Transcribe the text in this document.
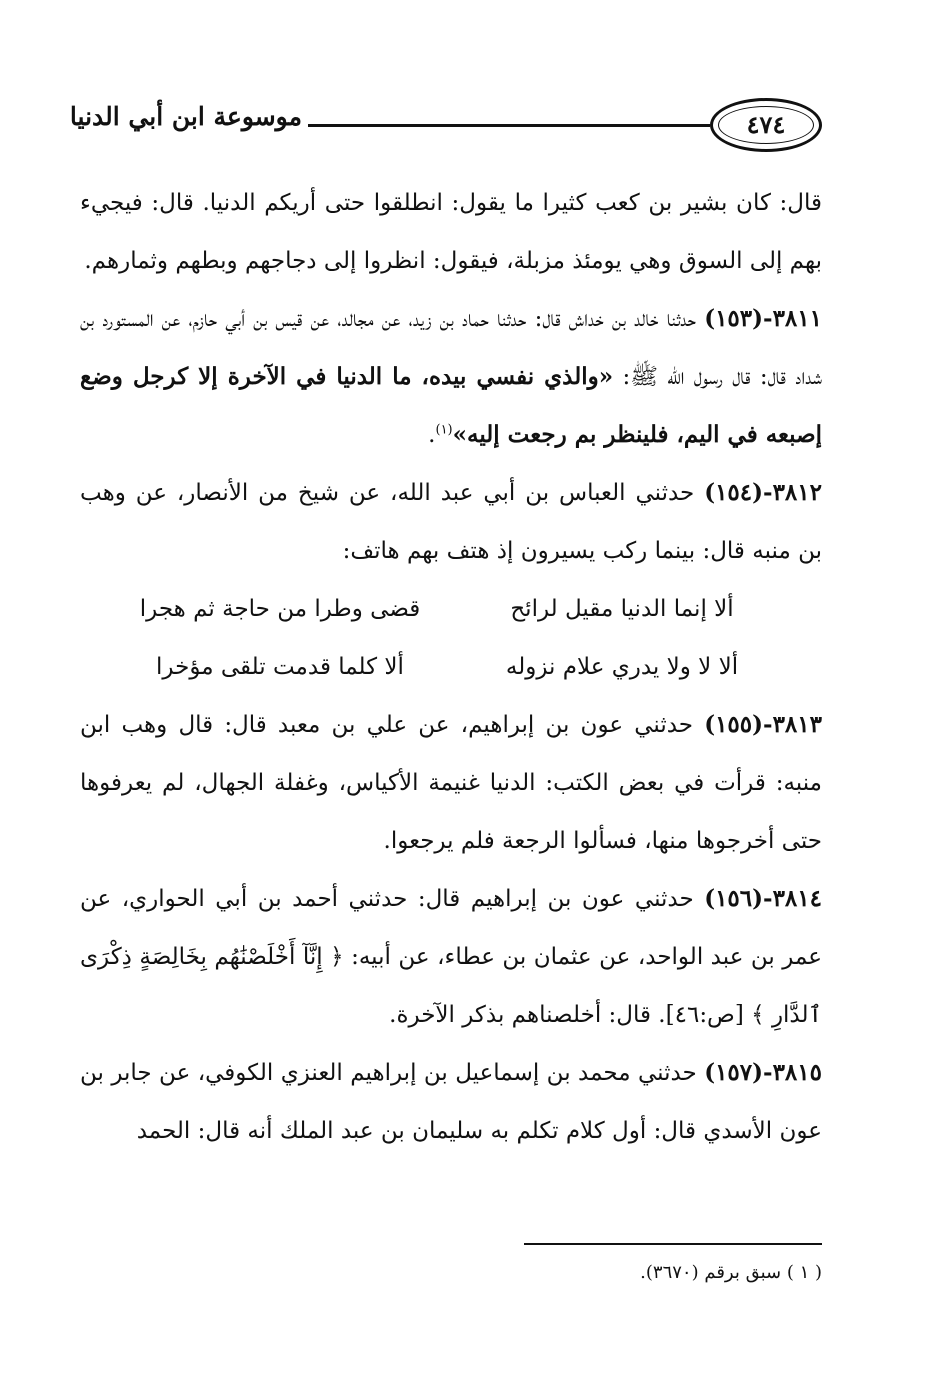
٤٧٤
موسوعة ابن أبي الدنيا

قال: كان بشير بن كعب كثيرا ما يقول: انطلقوا حتى أريكم الدنيا. قال: فيجيء بهم إلى السوق وهي يومئذ مزبلة، فيقول: انظروا إلى دجاجهم وبطهم وثمارهم.

٣٨١١-(١٥٣) حدثنا خالد بن خداش قال: حدثنا حماد بن زيد، عن مجالد، عن قيس بن أبي حازم، عن المستورد بن شداد قال: قال رسول الله ﷺ: «والذي نفسي بيده، ما الدنيا في الآخرة إلا كرجل وضع إصبعه في اليم، فلينظر بم رجعت إليه»$^{(١)}$.

٣٨١٢-(١٥٤) حدثني العباس بن أبي عبد الله، عن شيخ من الأنصار، عن وهب بن منبه قال: بينما ركب يسيرون إذ هتف بهم هاتف:

ألا إنما الدنيا مقيل لرائح
قضى وطرا من حاجة ثم هجرا
ألا لا ولا يدري علام نزوله
ألا كلما قدمت تلقى مؤخرا

٣٨١٣-(١٥٥) حدثني عون بن إبراهيم، عن علي بن معبد قال: قال وهب ابن منبه: قرأت في بعض الكتب: الدنيا غنيمة الأكياس، وغفلة الجهال، لم يعرفوها حتى أخرجوها منها، فسألوا الرجعة فلم يرجعوا.

٣٨١٤-(١٥٦) حدثني عون بن إبراهيم قال: حدثني أحمد بن أبي الحواري، عن عمر بن عبد الواحد، عن عثمان بن عطاء، عن أبيه: ﴿ إِنَّآ أَخْلَصْنَٰهُم بِخَالِصَةٍ ذِكْرَى ٱلدَّارِ ﴾ [ص:٤٦]. قال: أخلصناهم بذكر الآخرة.

٣٨١٥-(١٥٧) حدثني محمد بن إسماعيل بن إبراهيم العنزي الكوفي، عن جابر بن عون الأسدي قال: أول كلام تكلم به سليمان بن عبد الملك أنه قال: الحمد

( ١ ) سبق برقم (٣٦٧٠).
